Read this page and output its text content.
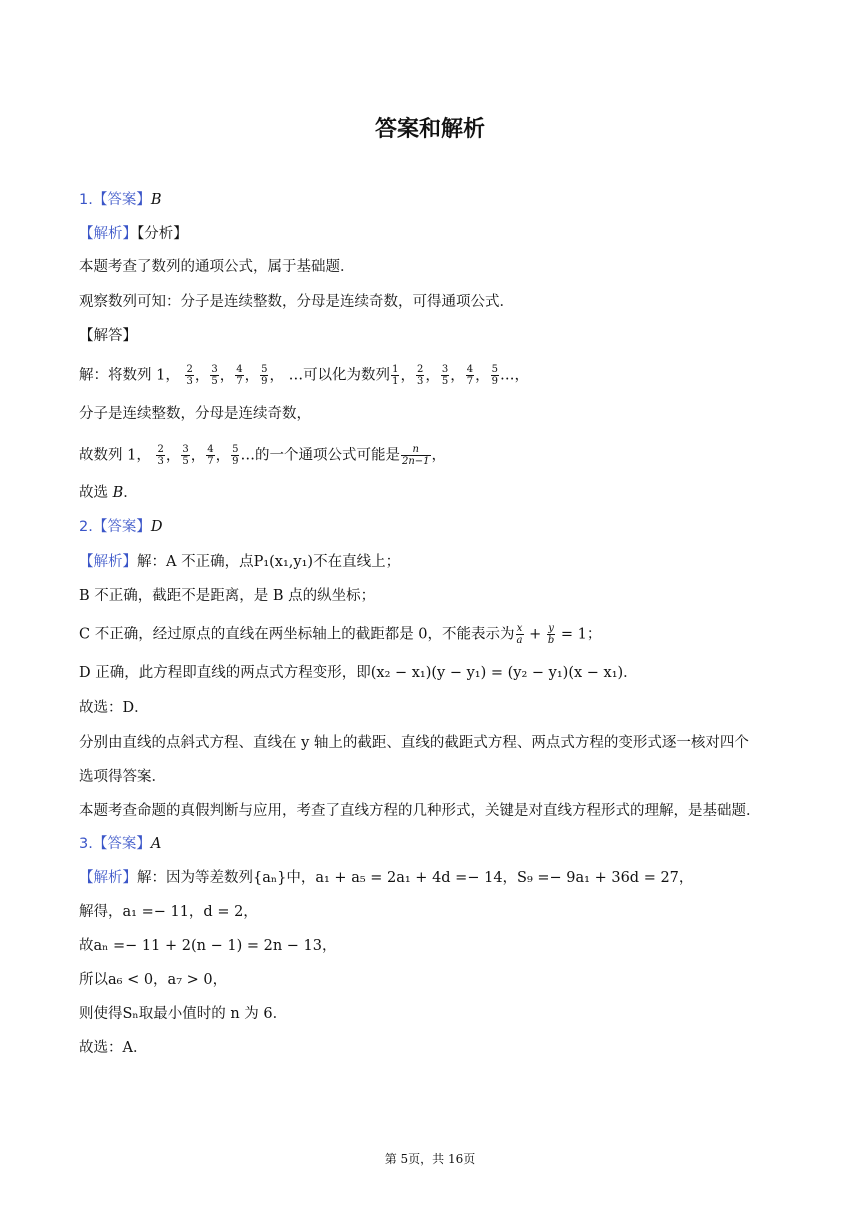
答案和解析
1.【答案】B
【解析】【分析】
本题考查了数列的通项公式，属于基础题．
观察数列可知：分子是连续整数，分母是连续奇数，可得通项公式．
【解答】
解：将数列 1， $\frac{2}{3}$ ， $\frac{3}{5}$ ， $\frac{4}{7}$ ， $\frac{5}{9}$ ， …可以化为数列 $\frac{1}{1}$ ， $\frac{2}{3}$ ， $\frac{3}{5}$ ， $\frac{4}{7}$ ， $\frac{5}{9}$ …，
分子是连续整数，分母是连续奇数，
故数列 1， $\frac{2}{3}$ ， $\frac{3}{5}$ ， $\frac{4}{7}$ ， $\frac{5}{9}$ …的一个通项公式可能是 $\frac{n}{2n-1}$ ，
故选 B．
2.【答案】D
【解析】解：A 不正确，点P₁(x₁,y₁)不在直线上；
B 不正确，截距不是距离，是 B 点的纵坐标；
C 不正确，经过原点的直线在两坐标轴上的截距都是 0，不能表示为 $\frac{x}{a} + \frac{y}{b} = 1$；
D 正确，此方程即直线的两点式方程变形，即(x₂ − x₁)(y − y₁) = (y₂ − y₁)(x − x₁)．
故选：D．
分别由直线的点斜式方程、直线在 y 轴上的截距、直线的截距式方程、两点式方程的变形式逐一核对四个
选项得答案．
本题考查命题的真假判断与应用，考查了直线方程的几种形式，关键是对直线方程形式的理解，是基础题．
3.【答案】A
【解析】解：因为等差数列{aₙ}中，a₁ + a₅ = 2a₁ + 4d =− 14，S₉ =− 9a₁ + 36d = 27，
解得，a₁ =− 11，d = 2，
故aₙ =− 11 + 2(n − 1) = 2n − 13，
所以a₆ < 0，a₇ > 0，
则使得Sₙ取最小值时的 n 为 6．
故选：A．
第 5页，共 16页
